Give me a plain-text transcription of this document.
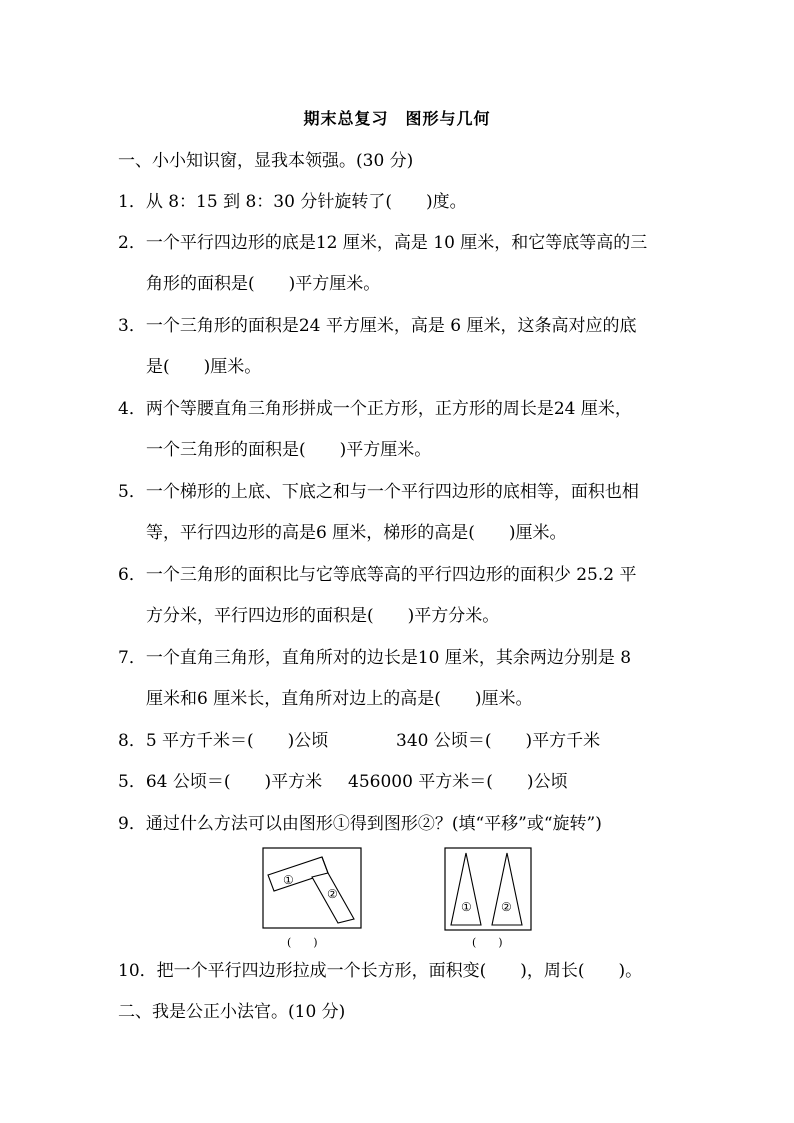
期末总复习　图形与几何
一、小小知识窗，显我本领强。(30 分)
1．从 8：15 到 8：30 分针旋转了(　　)度。
2．一个平行四边形的底是12 厘米，高是 10 厘米，和它等底等高的三
角形的面积是(　　)平方厘米。
3．一个三角形的面积是24 平方厘米，高是 6 厘米，这条高对应的底
是(　　)厘米。
4．两个等腰直角三角形拼成一个正方形，正方形的周长是24 厘米，
一个三角形的面积是(　　)平方厘米。
5．一个梯形的上底、下底之和与一个平行四边形的底相等，面积也相
等，平行四边形的高是6 厘米，梯形的高是(　　)厘米。
6．一个三角形的面积比与它等底等高的平行四边形的面积少 25.2 平
方分米，平行四边形的面积是(　　)平方分米。
7．一个直角三角形，直角所对的边长是10 厘米，其余两边分别是 8
厘米和6 厘米长，直角所对边上的高是(　　)厘米。
8．5 平方千米＝(　　)公顷	340 公顷＝(　　)平方千米
5．64 公顷＝(　　)平方米 456000 平方米＝(　　)公顷
9．通过什么方法可以由图形①得到图形②？(填“平移”或“旋转”)
①
②
(　　)
① ②
(　　)
10．把一个平行四边形拉成一个长方形，面积变(　　)，周长(　　)。
二、我是公正小法官。(10 分)
